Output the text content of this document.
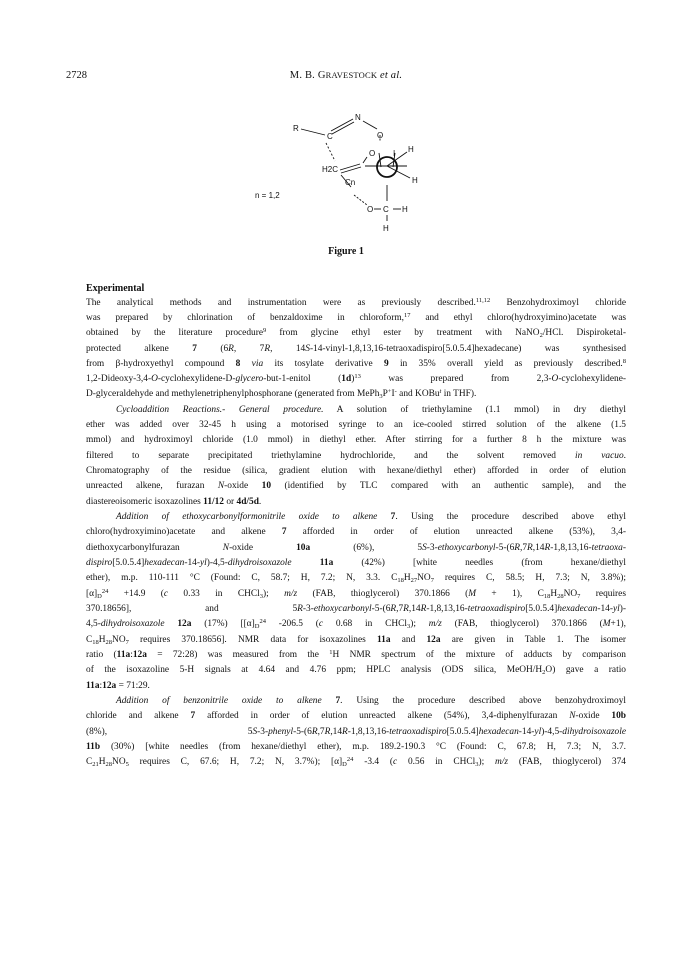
2728	M. B. GRAVESTOCK et al.
R
C
N
O
O I H
H
H2C
Cn
n = 1,2
O C H
H
Figure 1
Experimental
The analytical methods and instrumentation were as previously described.$^{11,12}$ Benzohydroximoyl chloride
was prepared by chlorination of benzaldoxime in chloroform,$^{17}$ and ethyl chloro(hydroxyimino)acetate was
obtained by the literature procedure$^9$ from glycine ethyl ester by treatment with NaNO$_2$/HCl. Dispiroketal-
protected alkene 7 (6R, 7R, 14S-14-vinyl-1,8,13,16-tetraoxadispiro[5.0.5.4]hexadecane) was synthesised
from β-hydroxyethyl compound 8 via its tosylate derivative 9 in 35% overall yield as previously described.$^8$
1,2-Dideoxy-3,4-O-cyclohexylidene-D-glycero-but-1-enitol $(1d)^{13}$ was prepared from 2,3-O-cyclohexylidene-
D-glyceraldehyde and methylenetriphenylphosphorane (generated from MePh$_3$P+I- and KOBu$^t$ in THF).
Cycloaddition Reactions.- General procedure. A solution of triethylamine (1.1 mmol) in dry diethyl
ether was added over 32-45 h using a motorised syringe to an ice-cooled stirred solution of the alkene (1.5
mmol) and hydroximoyl chloride (1.0 mmol) in diethyl ether. After stirring for a further 8 h the mixture was
filtered to separate precipitated triethylamine hydrochloride, and the solvent removed in vacuo.
Chromatography of the residue (silica, gradient elution with hexane/diethyl ether) afforded in order of elution
unreacted alkene, furazan N-oxide 10 (identified by TLC compared with an authentic sample), and the
diastereoisomeric isoxazolines 11/12 or 4d/5d.
Addition of ethoxycarbonylformonitrile oxide to alkene 7. Using the procedure described above ethyl
chloro(hydroxyimino)acetate and alkene 7 afforded in order of elution unreacted alkene (53%), 3,4-
diethoxycarbonylfurazan N-oxide 10a (6%), 5S-3-ethoxycarbonyl-5-(6R,7R,14R-1,8,13,16-tetraoxa-
dispiro[5.0.5.4]hexadecan-14-yl)-4,5-dihydroisoxazole	11a (42%) [white needles (from hexane/diethyl
ether), m.p. 110-111 °C (Found: C, 58.7; H, 7.2; N, 3.3. $C_{18}H_{27}NO_7$ requires C, 58.5; H, 7.3; N, 3.8%);
$[\alpha]_D^{24} +14.9$ (c 0.33 in CHCl$_3$); m/z (FAB, thioglycerol) 370.1866 (M + 1), $C_{18}H_{28}NO_7$ requires
370.18656], and 5R-3-ethoxycarbonyl-5-(6R,7R,14R-1,8,13,16-tetraoxadispiro[5.0.5.4]hexadecan-14-yl)-
4,5-dihydroisoxazole 12a (17%) [$[\alpha]_D^{24}$ -206.5 (c 0.68 in CHCl$_3$); m/z (FAB, thioglycerol) 370.1866 (M+1),
$C_{18}H_{28}NO_7$ requires 370.18656]. NMR data for isoxazolines 11a and 12a are given in Table 1. The isomer
ratio (11a:12a = 72:28) was measured from the $^1$H NMR spectrum of the mixture of adducts by comparison
of the isoxazoline 5-H signals at 4.64 and 4.76 ppm; HPLC analysis (ODS silica, MeOH/$H_2O$) gave a ratio
11a:12a = 71:29.
Addition of benzonitrile oxide to alkene 7. Using the procedure described above benzohydroximoyl
chloride and alkene 7 afforded in order of elution unreacted alkene (54%), 3,4-diphenylfurazan N-oxide 10b
(8%), 5S-3-phenyl-5-(6R,7R,14R-1,8,13,16-tetraoxadispiro[5.0.5.4]hexadecan-14-yl)-4,5-dihydroisoxazole
11b (30%) [white needles (from hexane/diethyl ether), m.p. 189.2-190.3 °C (Found: C, 67.8; H, 7.3; N, 3.7.
$C_{21}H_{28}NO_5$ requires C, 67.6; H, 7.2; N, 3.7%); $[\alpha]_D^{24}$ -3.4 (c 0.56 in CHCl$_3$); m/z (FAB, thioglycerol) 374
